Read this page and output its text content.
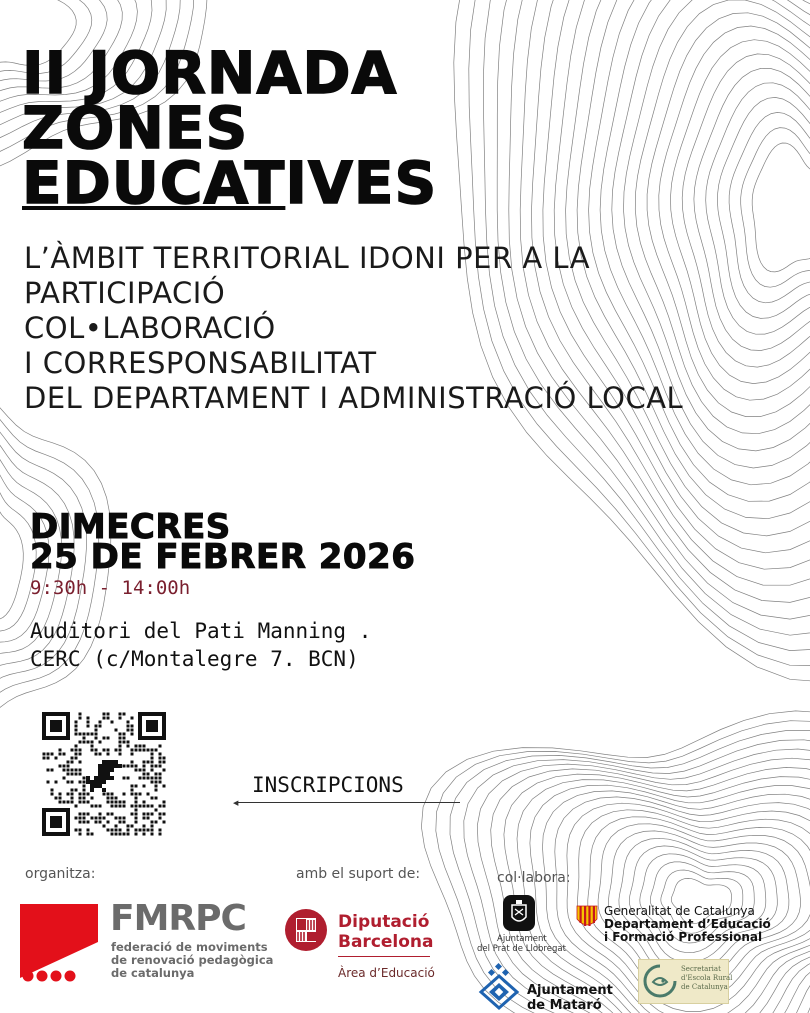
II JORNADA
ZONES
EDUCATIVES
L’ÀMBIT TERRITORIAL IDONI PER A LA
PARTICIPACIÓ
COL•LABORACIÓ
I CORRESPONSABILITAT
DEL DEPARTAMENT I ADMINISTRACIÓ LOCAL
DIMECRES
25 DE FEBRER 2026
9:30h - 14:00h
Auditori del Pati Manning .
CERC (c/Montalegre 7. BCN)
INSCRIPCIONS
◀
organitza:	amb el suport de:	col·labora:
FMRPC
federació de moviments
de renovació pedagògica
de catalunya
Diputació
Barcelona
Àrea d’Educació
Ajuntament
del Prat de Llobregat
Ajuntament
de Mataró
Generalitat de Catalunya
Departament d’Educació
i Formació Professional
Secretariat
d'Escola Rural
de Catalunya
